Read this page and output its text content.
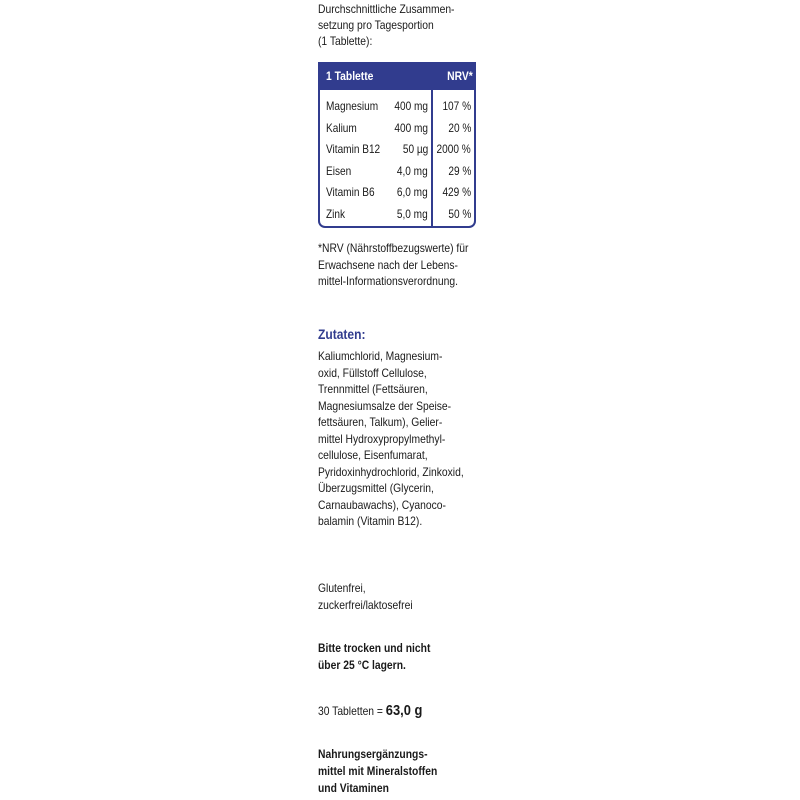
Durchschnittliche Zusammen-
setzung pro Tagesportion
(1 Tablette):
1 Tablette	NRV*
Magnesium 400 mg 107 %
Kalium	400 mg 20 %
Vitamin B12 50 µg 2000 %
Eisen	4,0 mg 29 %
Vitamin B6 6,0 mg 429 %
Zink	5,0 mg 50 %
*NRV (Nährstoffbezugswerte) für
Erwachsene nach der Lebens-
mittel-Informationsverordnung.
Zutaten:
Kaliumchlorid, Magnesium-
oxid, Füllstoff Cellulose,
Trennmittel (Fettsäuren,
Magnesiumsalze der Speise-
fettsäuren, Talkum), Gelier-
mittel Hydroxypropylmethyl-
cellulose, Eisenfumarat,
Pyridoxinhydrochlorid, Zinkoxid,
Überzugsmittel (Glycerin,
Carnaubawachs), Cyanoco-
balamin (Vitamin B12).
Glutenfrei,
zuckerfrei/laktosefrei
Bitte trocken und nicht
über 25 °C lagern.
30 Tabletten = 63,0 g
Nahrungsergänzungs-
mittel mit Mineralstoffen
und Vitaminen
